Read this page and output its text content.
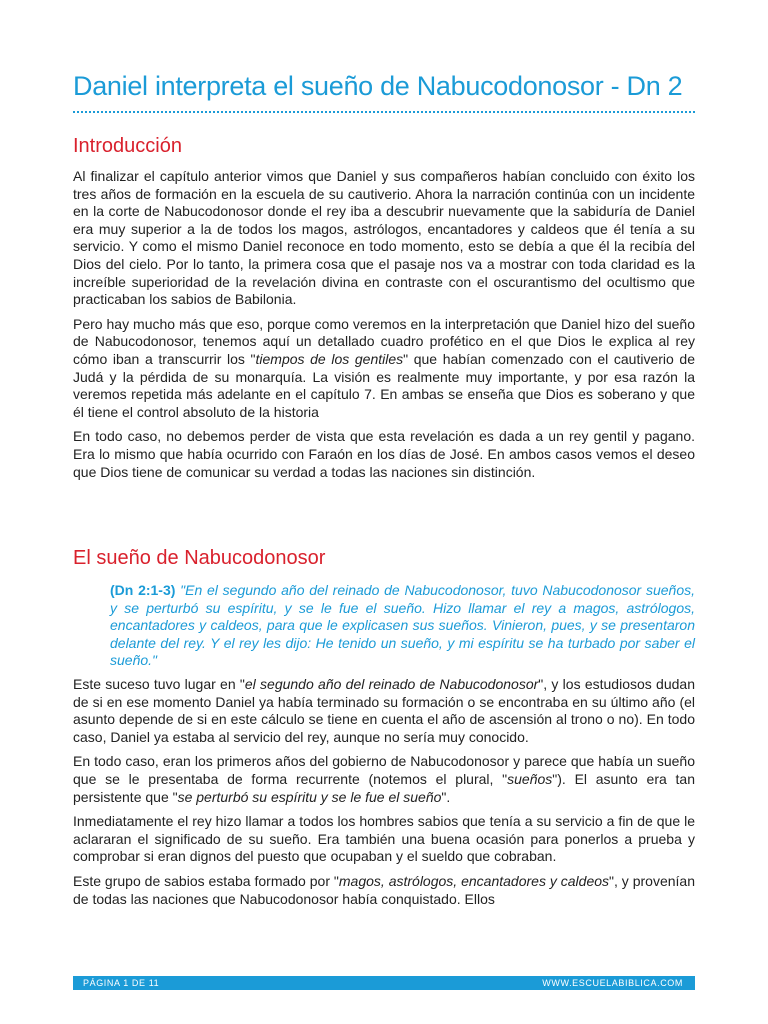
Daniel interpreta el sueño de Nabucodonosor - Dn 2
Introducción

Al finalizar el capítulo anterior vimos que Daniel y sus compañeros habían concluido con éxito los tres años de formación en la escuela de su cautiverio. Ahora la narración continúa con un incidente en la corte de Nabucodonosor donde el rey iba a descubrir nuevamente que la sabiduría de Daniel era muy superior a la de todos los magos, astrólogos, encantadores y caldeos que él tenía a su servicio. Y como el mismo Daniel reconoce en todo momento, esto se debía a que él la recibía del Dios del cielo. Por lo tanto, la primera cosa que el pasaje nos va a mostrar con toda claridad es la increíble superioridad de la revelación divina en contraste con el oscurantismo del ocultismo que practicaban los sabios de Babilonia.

Pero hay mucho más que eso, porque como veremos en la interpretación que Daniel hizo del sueño de Nabucodonosor, tenemos aquí un detallado cuadro profético en el que Dios le explica al rey cómo iban a transcurrir los "tiempos de los gentiles" que habían comenzado con el cautiverio de Judá y la pérdida de su monarquía. La visión es realmente muy importante, y por esa razón la veremos repetida más adelante en el capítulo 7. En ambas se enseña que Dios es soberano y que él tiene el control absoluto de la historia

En todo caso, no debemos perder de vista que esta revelación es dada a un rey gentil y pagano. Era lo mismo que había ocurrido con Faraón en los días de José. En ambos casos vemos el deseo que Dios tiene de comunicar su verdad a todas las naciones sin distinción.

El sueño de Nabucodonosor
(Dn 2:1-3) "En el segundo año del reinado de Nabucodonosor, tuvo Nabucodonosor sueños, y se perturbó su espíritu, y se le fue el sueño. Hizo llamar el rey a magos, astrólogos, encantadores y caldeos, para que le explicasen sus sueños. Vinieron, pues, y se presentaron delante del rey. Y el rey les dijo: He tenido un sueño, y mi espíritu se ha turbado por saber el sueño."

Este suceso tuvo lugar en "el segundo año del reinado de Nabucodonosor", y los estudiosos dudan de si en ese momento Daniel ya había terminado su formación o se encontraba en su último año (el asunto depende de si en este cálculo se tiene en cuenta el año de ascensión al trono o no). En todo caso, Daniel ya estaba al servicio del rey, aunque no sería muy conocido.

En todo caso, eran los primeros años del gobierno de Nabucodonosor y parece que había un sueño que se le presentaba de forma recurrente (notemos el plural, "sueños"). El asunto era tan persistente que "se perturbó su espíritu y se le fue el sueño".

Inmediatamente el rey hizo llamar a todos los hombres sabios que tenía a su servicio a fin de que le aclararan el significado de su sueño. Era también una buena ocasión para ponerlos a prueba y comprobar si eran dignos del puesto que ocupaban y el sueldo que cobraban.

Este grupo de sabios estaba formado por "magos, astrólogos, encantadores y caldeos", y provenían de todas las naciones que Nabucodonosor había conquistado. Ellos

PÁGINA 1 DE 11	WWW.ESCUELABIBLICA.COM
